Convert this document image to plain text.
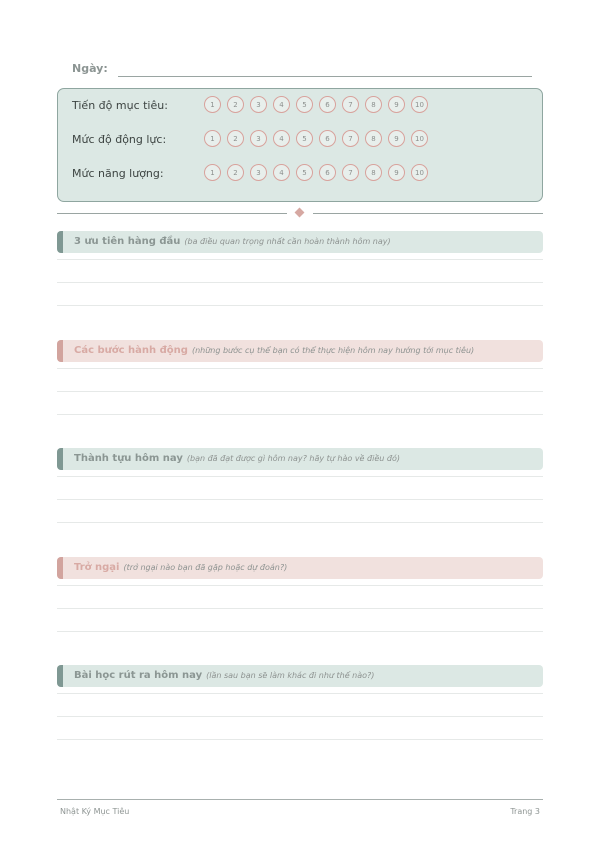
Ngày:
Tiến độ mục tiêu:	1	2	3	4	5	6	7	8	9	10
Mức độ động lực:	1	2	3	4	5	6	7	8	9	10
Mức năng lượng:	1	2	3	4	5	6	7	8	9	10
3 ưu tiên hàng đầu (ba điều quan trọng nhất cần hoàn thành hôm nay)
Các bước hành động (những bước cụ thể bạn có thể thực hiện hôm nay hướng tới mục tiêu)
Thành tựu hôm nay (bạn đã đạt được gì hôm nay? hãy tự hào về điều đó)
Trở ngại (trở ngại nào bạn đã gặp hoặc dự đoán?)
Bài học rút ra hôm nay (lần sau bạn sẽ làm khác đi như thế nào?)
Nhật Ký Mục Tiêu	Trang 3
